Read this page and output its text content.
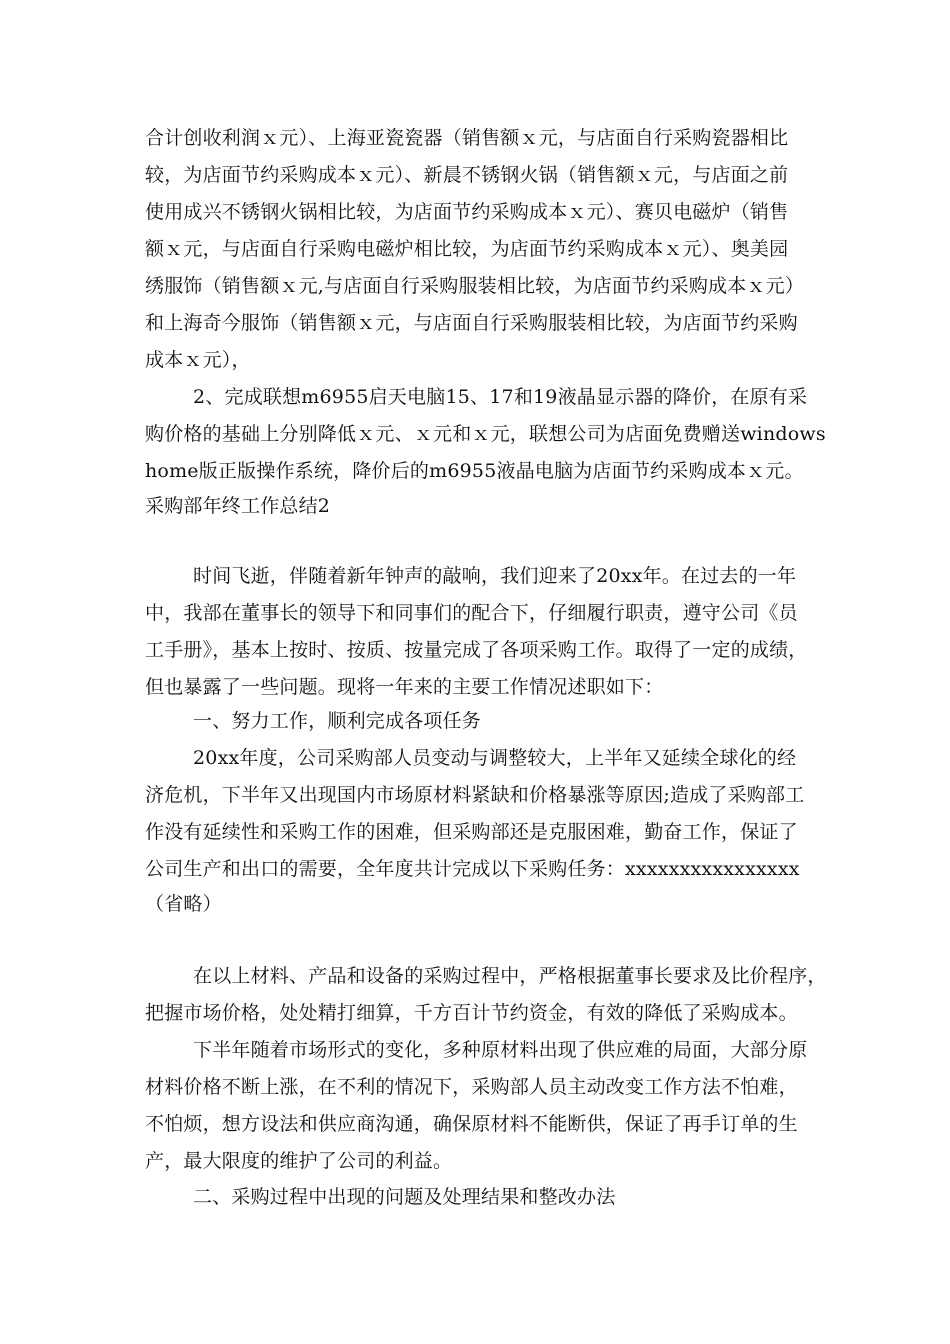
合计创收利润ｘ元）、上海亚瓷瓷器（销售额ｘ元，与店面自行采购瓷器相比
较，为店面节约采购成本ｘ元）、新晨不锈钢火锅（销售额ｘ元，与店面之前
使用成兴不锈钢火锅相比较，为店面节约采购成本ｘ元）、赛贝电磁炉（销售
额ｘ元，与店面自行采购电磁炉相比较，为店面节约采购成本ｘ元）、奥美园
绣服饰（销售额ｘ元,与店面自行采购服装相比较，为店面节约采购成本ｘ元）
和上海奇今服饰（销售额ｘ元，与店面自行采购服装相比较，为店面节约采购
成本ｘ元），
2、完成联想m6955启天电脑15、17和19液晶显示器的降价，在原有采
购价格的基础上分别降低ｘ元、ｘ元和ｘ元，联想公司为店面免费赠送windows
home版正版操作系统，降价后的m6955液晶电脑为店面节约采购成本ｘ元。
采购部年终工作总结2
时间飞逝，伴随着新年钟声的敲响，我们迎来了20xx年。在过去的一年
中，我部在董事长的领导下和同事们的配合下，仔细履行职责，遵守公司《员
工手册》，基本上按时、按质、按量完成了各项采购工作。取得了一定的成绩，
但也暴露了一些问题。现将一年来的主要工作情况述职如下：
一、努力工作，顺利完成各项任务
20xx年度，公司采购部人员变动与调整较大，上半年又延续全球化的经
济危机，下半年又出现国内市场原材料紧缺和价格暴涨等原因;造成了采购部工
作没有延续性和采购工作的困难，但采购部还是克服困难，勤奋工作，保证了
公司生产和出口的需要，全年度共计完成以下采购任务：xxxxxxxxxxxxxxxx
（省略）
在以上材料、产品和设备的采购过程中，严格根据董事长要求及比价程序，
把握市场价格，处处精打细算，千方百计节约资金，有效的降低了采购成本。
下半年随着市场形式的变化，多种原材料出现了供应难的局面，大部分原
材料价格不断上涨，在不利的情况下，采购部人员主动改变工作方法不怕难，
不怕烦，想方设法和供应商沟通，确保原材料不能断供，保证了再手订单的生
产，最大限度的维护了公司的利益。
二、采购过程中出现的问题及处理结果和整改办法
